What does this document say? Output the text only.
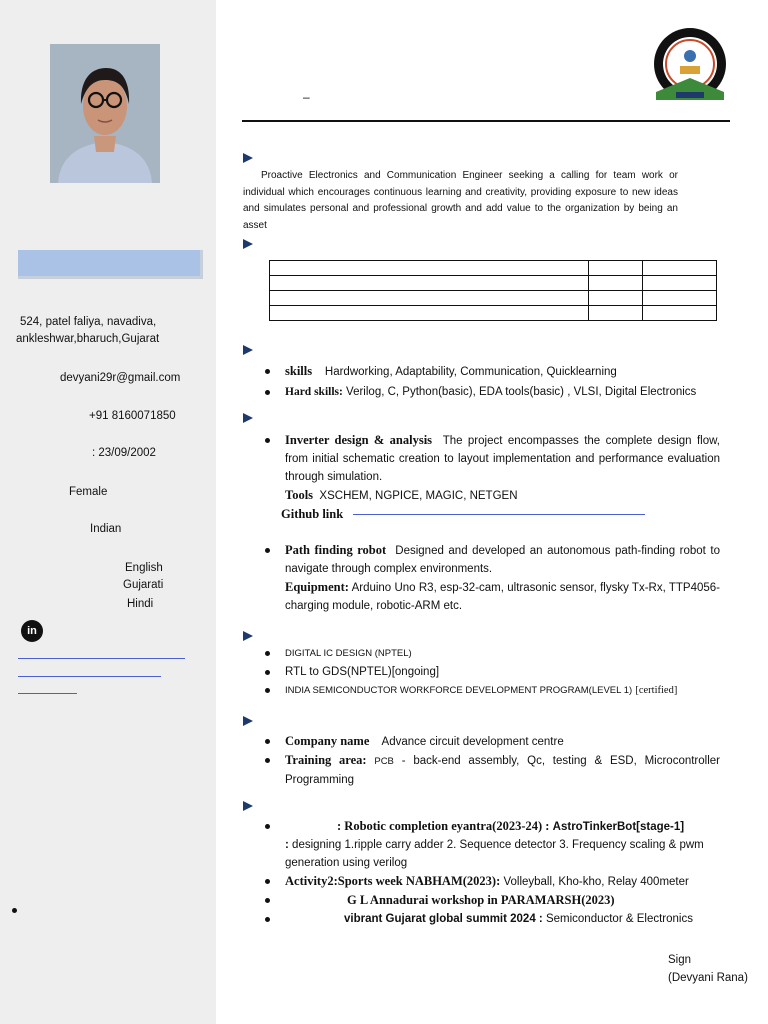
524, patel faliya, navadiva,
ankleshwar,bharuch,Gujarat
devyani29r@gmail.com
+91 8160071850
: 23/09/2002
Female
Indian
English
Gujarati
Hindi
in
–

Proactive Electronics and Communication Engineer seeking a calling for team work or individual which encourages continuous learning and creativity, providing exposure to new ideas and simulates personal and professional growth and add value to the organization by being an asset

skills Hardworking, Adaptability, Communication, Quicklearning
Hard skills: Verilog, C, Python(basic), EDA tools(basic) , VLSI, Digital Electronics
Inverter design & analysis The project encompasses the complete design flow, from initial schematic creation to layout implementation and performance evaluation through simulation.
Tools XSCHEM, NGPICE, MAGIC, NETGEN
Github link
Path finding robot Designed and developed an autonomous path-finding robot to navigate through complex environments.
Equipment: Arduino Uno R3, esp-32-cam, ultrasonic sensor, flysky Tx-Rx, TTP4056-charging module, robotic-ARM etc.
DIGITAL IC DESIGN (NPTEL)
RTL to GDS(NPTEL)[ongoing]
INDIA SEMICONDUCTOR WORKFORCE DEVELOPMENT PROGRAM(LEVEL 1) [certified]
Company name Advance circuit development centre
Training area: PCB - back-end assembly, Qc, testing & ESD, Microcontroller Programming
: Robotic completion eyantra(2023-24) : AstroTinkerBot[stage-1]
: designing 1.ripple carry adder 2. Sequence detector 3. Frequency scaling & pwm generation using verilog
Activity2:Sports week NABHAM(2023): Volleyball, Kho-kho, Relay 400meter
G L Annadurai workshop in PARAMARSH(2023)
vibrant Gujarat global summit 2024 : Semiconductor & Electronics
Sign
(Devyani Rana)
